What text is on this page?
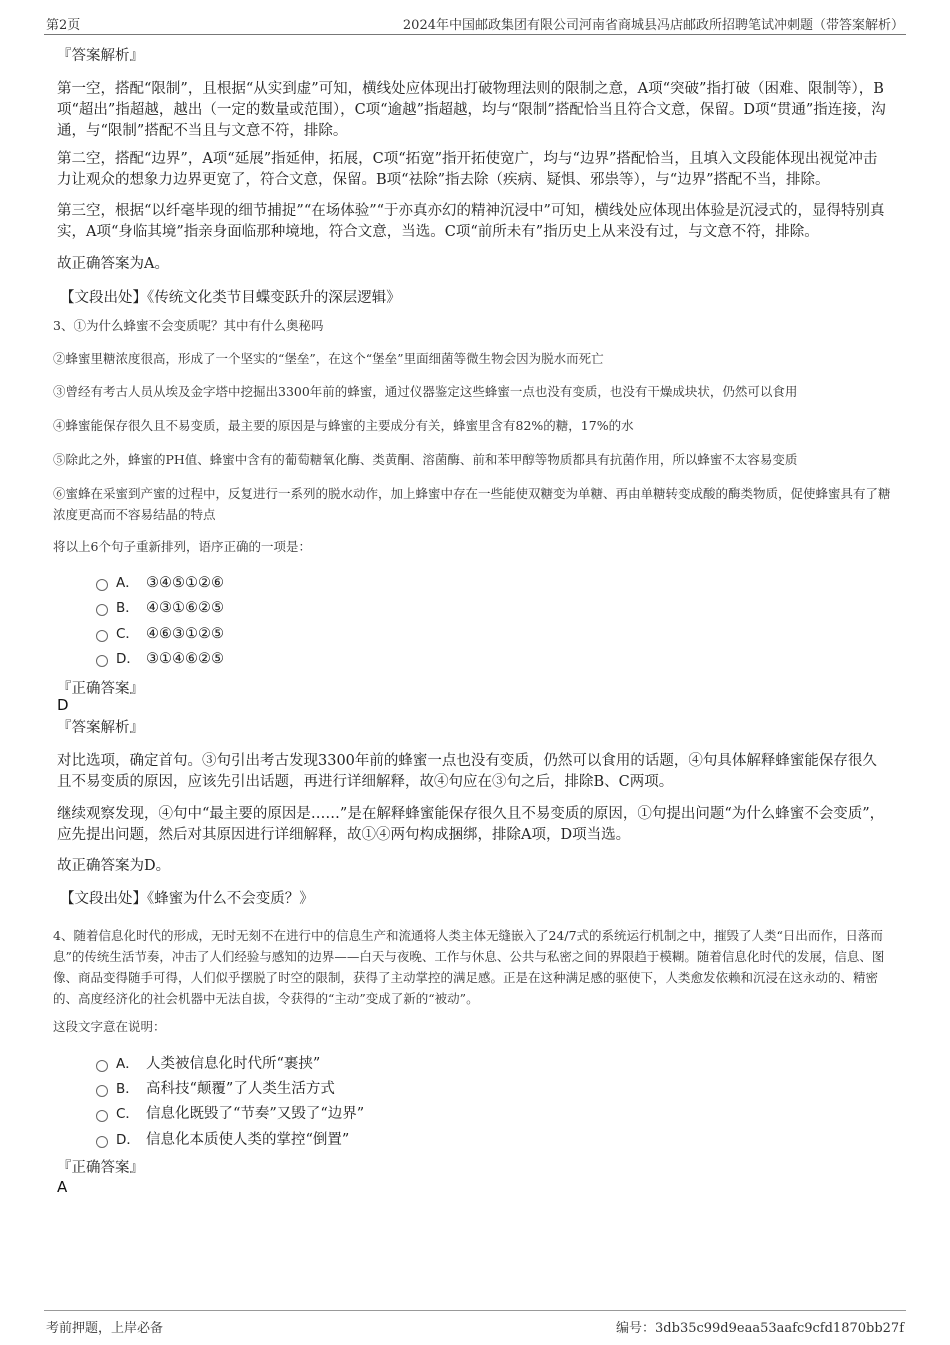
第2页	2024年中国邮政集团有限公司河南省商城县冯店邮政所招聘笔试冲刺题（带答案解析）
『答案解析』

第一空，搭配“限制”，且根据“从实到虚”可知，横线处应体现出打破物理法则的限制之意，A项“突破”指打破（困难、限制等），B项“超出”指超越，越出（一定的数量或范围），C项“逾越”指超越，均与“限制”搭配恰当且符合文意，保留。D项“贯通”指连接，沟通，与“限制”搭配不当且与文意不符，排除。

第二空，搭配“边界”，A项“延展”指延伸，拓展，C项“拓宽”指开拓使宽广，均与“边界”搭配恰当，且填入文段能体现出视觉冲击力让观众的想象力边界更宽了，符合文意，保留。B项“祛除”指去除（疾病、疑惧、邪祟等），与“边界”搭配不当，排除。

第三空，根据“以纤毫毕现的细节捕捉”“在场体验”“于亦真亦幻的精神沉浸中”可知，横线处应体现出体验是沉浸式的，显得特别真实，A项“身临其境”指亲身面临那种境地，符合文意，当选。C项“前所未有”指历史上从来没有过，与文意不符，排除。

故正确答案为A。

【文段出处】《传统文化类节目蝶变跃升的深层逻辑》

3、①为什么蜂蜜不会变质呢？其中有什么奥秘吗

②蜂蜜里糖浓度很高，形成了一个坚实的“堡垒”，在这个“堡垒”里面细菌等微生物会因为脱水而死亡

③曾经有考古人员从埃及金字塔中挖掘出3300年前的蜂蜜，通过仪器鉴定这些蜂蜜一点也没有变质，也没有干燥成块状，仍然可以食用

④蜂蜜能保存很久且不易变质，最主要的原因是与蜂蜜的主要成分有关，蜂蜜里含有82%的糖，17%的水

⑤除此之外，蜂蜜的PH值、蜂蜜中含有的葡萄糖氧化酶、类黄酮、溶菌酶、前和苯甲醇等物质都具有抗菌作用，所以蜂蜜不太容易变质

⑥蜜蜂在采蜜到产蜜的过程中，反复进行一系列的脱水动作，加上蜂蜜中存在一些能使双糖变为单糖、再由单糖转变成酸的酶类物质，促使蜂蜜具有了糖浓度更高而不容易结晶的特点

将以上6个句子重新排列，语序正确的一项是：

A． ③④⑤①②⑥
B． ④③①⑥②⑤
C． ④⑥③①②⑤
D． ③①④⑥②⑤
『正确答案』
D
『答案解析』

对比选项，确定首句。③句引出考古发现3300年前的蜂蜜一点也没有变质，仍然可以食用的话题，④句具体解释蜂蜜能保存很久且不易变质的原因，应该先引出话题，再进行详细解释，故④句应在③句之后，排除B、C两项。

继续观察发现，④句中“最主要的原因是……”是在解释蜂蜜能保存很久且不易变质的原因，①句提出问题“为什么蜂蜜不会变质”，应先提出问题，然后对其原因进行详细解释，故①④两句构成捆绑，排除A项，D项当选。

故正确答案为D。

【文段出处】《蜂蜜为什么不会变质？》

4、随着信息化时代的形成，无时无刻不在进行中的信息生产和流通将人类主体无缝嵌入了24/7式的系统运行机制之中，摧毁了人类“日出而作，日落而息”的传统生活节奏，冲击了人们经验与感知的边界——白天与夜晚、工作与休息、公共与私密之间的界限趋于模糊。随着信息化时代的发展，信息、图像、商品变得随手可得，人们似乎摆脱了时空的限制，获得了主动掌控的满足感。正是在这种满足感的驱使下，人类愈发依赖和沉浸在这永动的、精密的、高度经济化的社会机器中无法自拔，令获得的“主动”变成了新的“被动”。

这段文字意在说明：

A． 人类被信息化时代所“裹挟”
B． 高科技“颠覆”了人类生活方式
C． 信息化既毁了“节奏”又毁了“边界”
D． 信息化本质使人类的掌控“倒置”
『正确答案』
A
考前押题，上岸必备	编号：3db35c99d9eaa53aafc9cfd1870bb27f
